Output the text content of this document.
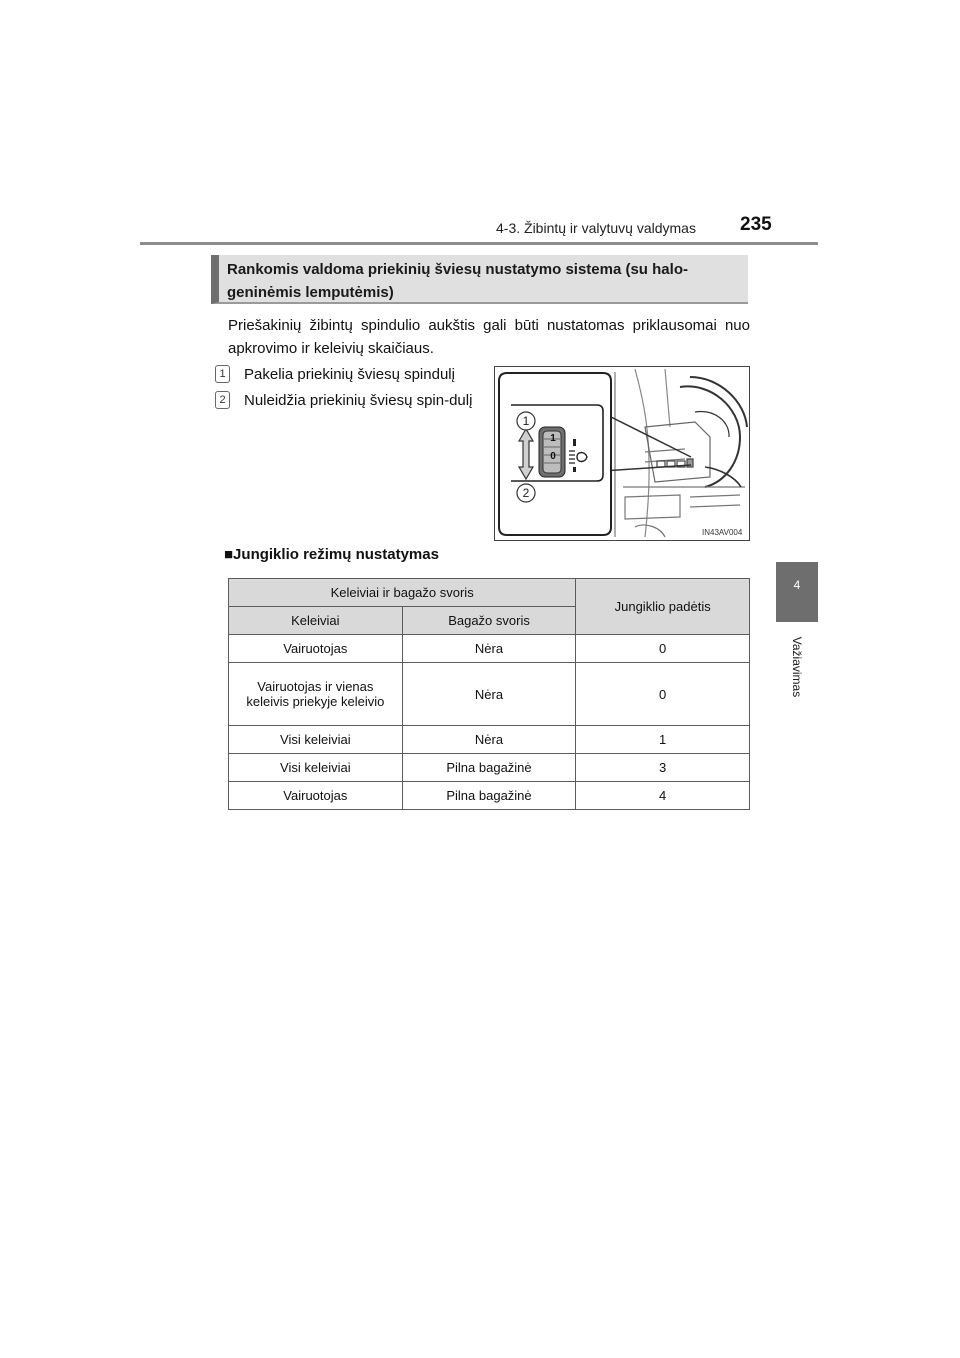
4-3. Žibintų ir valytuvų valdymas 235
4
Važiavimas
Rankomis valdoma priekinių šviesų nustatymo sistema (su halo-geninėmis lemputėmis)
Priešakinių žibintų spindulio aukštis gali būti nustatomas priklausomai nuo apkrovimo ir keleivių skaičiaus.
1 Pakelia priekinių šviesų spindulį
2 Nuleidžia priekinių šviesų spin-dulį
1
2
1
0
IN43AV004
■Jungiklio režimų nustatymas
Keleiviai ir bagažo svoris		Jungiklio padėtis
Keleiviai	Bagažo svoris	
Vairuotojas	Nėra	0
Vairuotojas ir vienas keleivis priekyje keleivio	Nėra	0
Visi keleiviai	Nėra	1
Visi keleiviai	Pilna bagažinė	3
Vairuotojas	Pilna bagažinė	4
